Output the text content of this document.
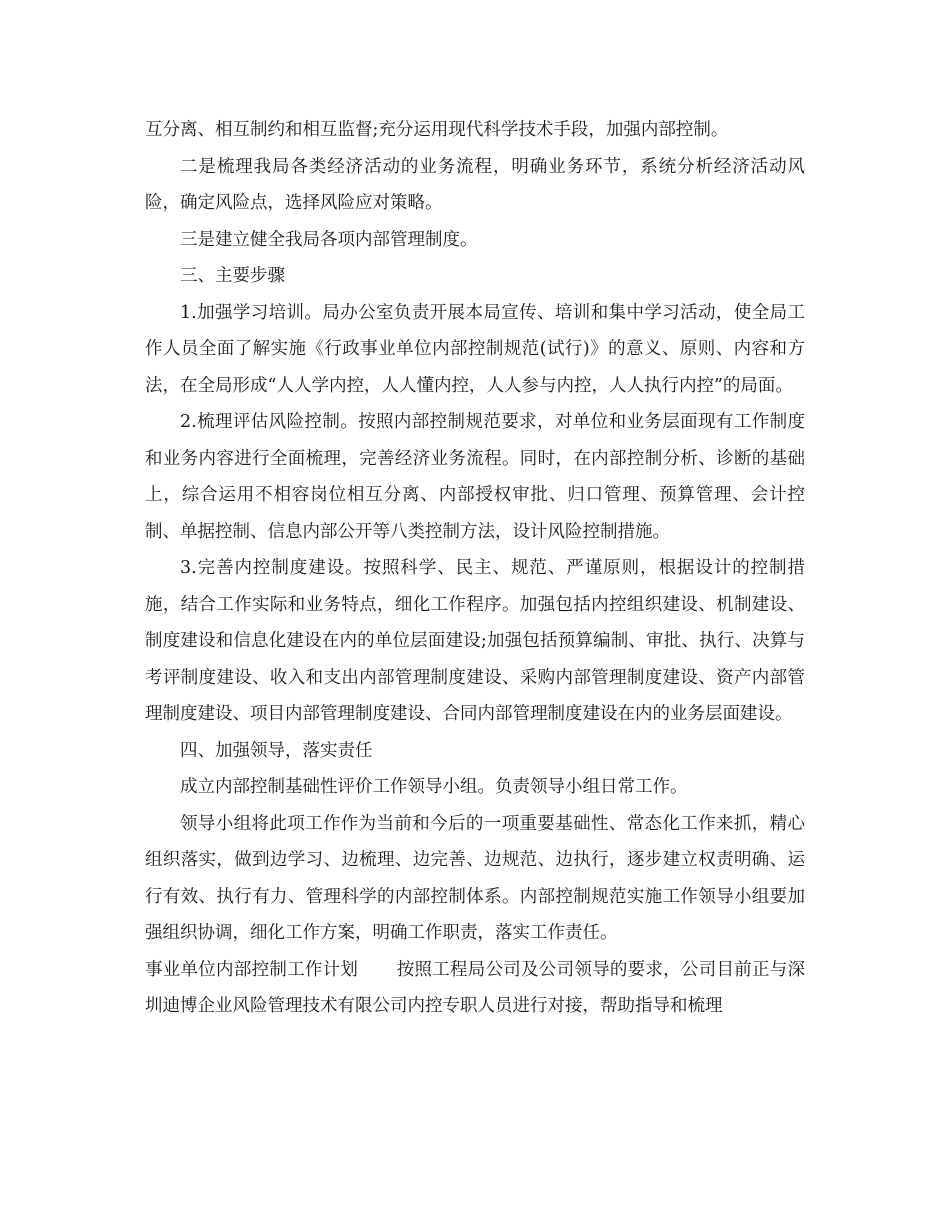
互分离、相互制约和相互监督;充分运用现代科学技术手段，加强内部控制。

二是梳理我局各类经济活动的业务流程，明确业务环节，系统分析经济活动风险，确定风险点，选择风险应对策略。

三是建立健全我局各项内部管理制度。

三、主要步骤

1.加强学习培训。局办公室负责开展本局宣传、培训和集中学习活动，使全局工作人员全面了解实施《行政事业单位内部控制规范(试行)》的意义、原则、内容和方法，在全局形成“人人学内控，人人懂内控，人人参与内控，人人执行内控”的局面。

2.梳理评估风险控制。按照内部控制规范要求，对单位和业务层面现有工作制度和业务内容进行全面梳理，完善经济业务流程。同时，在内部控制分析、诊断的基础上，综合运用不相容岗位相互分离、内部授权审批、归口管理、预算管理、会计控制、单据控制、信息内部公开等八类控制方法，设计风险控制措施。

3.完善内控制度建设。按照科学、民主、规范、严谨原则，根据设计的控制措施，结合工作实际和业务特点，细化工作程序。加强包括内控组织建设、机制建设、制度建设和信息化建设在内的单位层面建设;加强包括预算编制、审批、执行、决算与考评制度建设、收入和支出内部管理制度建设、采购内部管理制度建设、资产内部管理制度建设、项目内部管理制度建设、合同内部管理制度建设在内的业务层面建设。

四、加强领导，落实责任

成立内部控制基础性评价工作领导小组。负责领导小组日常工作。

领导小组将此项工作作为当前和今后的一项重要基础性、常态化工作来抓，精心组织落实，做到边学习、边梳理、边完善、边规范、边执行，逐步建立权责明确、运行有效、执行有力、管理科学的内部控制体系。内部控制规范实施工作领导小组要加强组织协调，细化工作方案，明确工作职责，落实工作责任。

事业单位内部控制工作计划 按照工程局公司及公司领导的要求，公司目前正与深圳迪博企业风险管理技术有限公司内控专职人员进行对接，帮助指导和梳理
